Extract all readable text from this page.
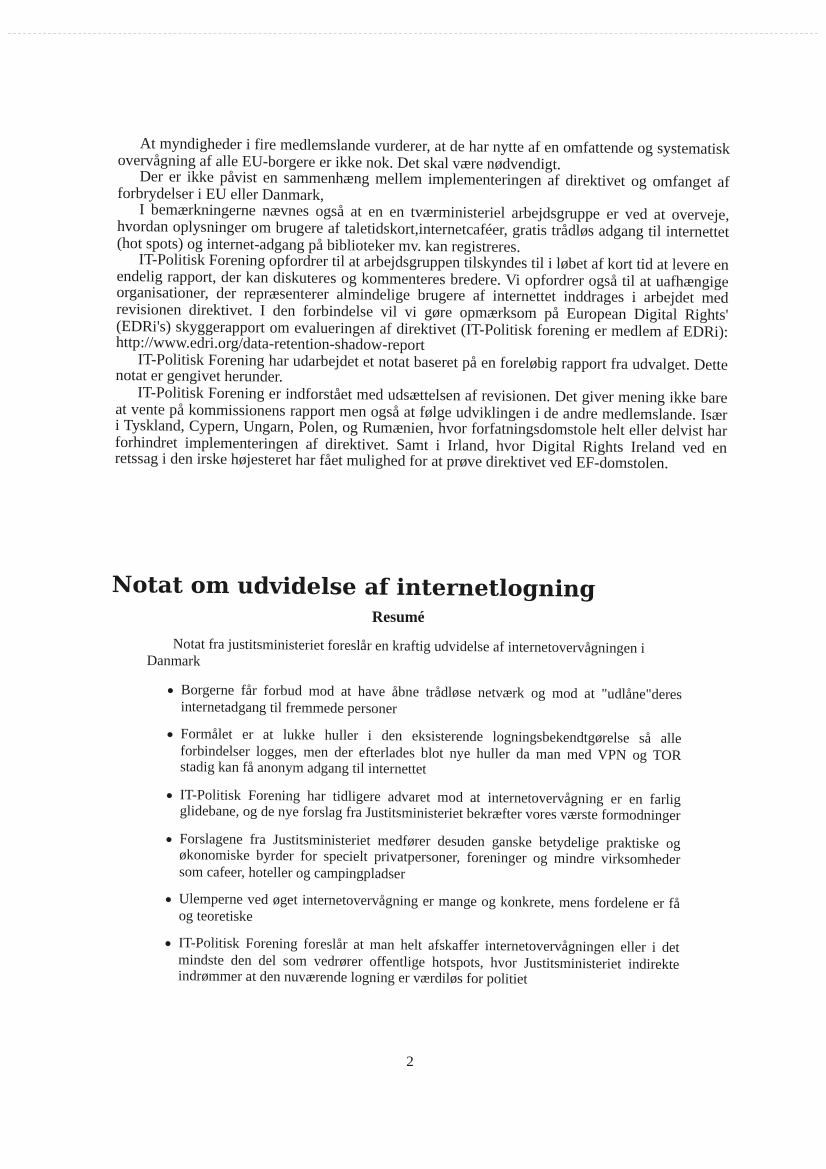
At myndigheder i fire medlemslande vurderer, at de har nytte af en omfattende og systematisk overvågning af alle EU-borgere er ikke nok. Det skal være nødvendigt.

Der er ikke påvist en sammenhæng mellem implementeringen af direktivet og omfanget af forbrydelser i EU eller Danmark,

I bemærkningerne nævnes også at en en tværministeriel arbejdsgruppe er ved at overveje, hvordan oplysninger om brugere af taletidskort,internetcaféer, gratis trådløs adgang til internettet (hot spots) og internet-adgang på biblioteker mv. kan registreres.

IT-Politisk Forening opfordrer til at arbejdsgruppen tilskyndes til i løbet af kort tid at levere en endelig rapport, der kan diskuteres og kommenteres bredere. Vi opfordrer også til at uafhængige organisationer, der repræsenterer almindelige brugere af internettet inddrages i arbejdet med revisionen direktivet. I den forbindelse vil vi gøre opmærksom på European Digital Rights' (EDRi's) skyggerapport om evalueringen af direktivet (IT-Politisk forening er medlem af EDRi): http://www.edri.org/data-retention-shadow-report

IT-Politisk Forening har udarbejdet et notat baseret på en foreløbig rapport fra udvalget. Dette notat er gengivet herunder.

IT-Politisk Forening er indforstået med udsættelsen af revisionen. Det giver mening ikke bare at vente på kommissionens rapport men også at følge udviklingen i de andre medlemslande. Især i Tyskland, Cypern, Ungarn, Polen, og Rumænien, hvor forfatningsdomstole helt eller delvist har forhindret implementeringen af direktivet. Samt i Irland, hvor Digital Rights Ireland ved en retssag i den irske højesteret har fået mulighed for at prøve direktivet ved EF-domstolen.

Notat om udvidelse af internetlogning
Resumé

Notat fra justitsministeriet foreslår en kraftig udvidelse af internetovervågningen i Danmark

Borgerne får forbud mod at have åbne trådløse netværk og mod at "udlåne"deres internetadgang til fremmede personer
Formålet er at lukke huller i den eksisterende logningsbekendtgørelse så alle forbindelser logges, men der efterlades blot nye huller da man med VPN og TOR stadig kan få anonym adgang til internettet
IT-Politisk Forening har tidligere advaret mod at internetovervågning er en farlig glidebane, og de nye forslag fra Justitsministeriet bekræfter vores værste formodninger
Forslagene fra Justitsministeriet medfører desuden ganske betydelige praktiske og økonomiske byrder for specielt privatpersoner, foreninger og mindre virksomheder som cafeer, hoteller og campingpladser
Ulemperne ved øget internetovervågning er mange og konkrete, mens fordelene er få og teoretiske
IT-Politisk Forening foreslår at man helt afskaffer internetovervågningen eller i det mindste den del som vedrører offentlige hotspots, hvor Justitsministeriet indirekte indrømmer at den nuværende logning er værdiløs for politiet
2
